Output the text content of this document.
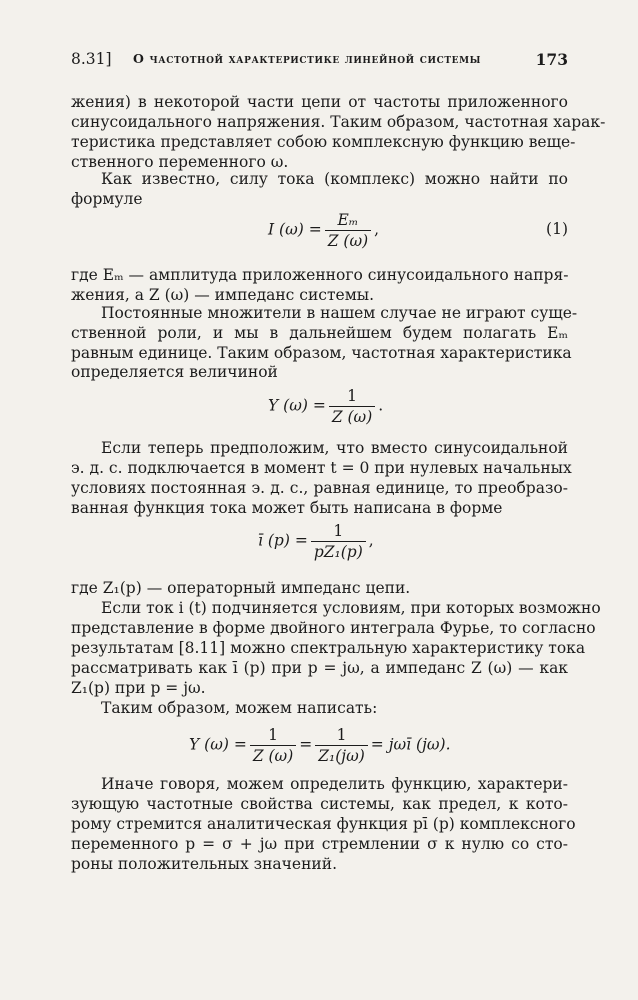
8.31] О частотной характеристике линейной системы	173
жения) в некоторой части цепи от частоты приложенного
синусоидального напряжения. Таким образом, частотная харак-
теристика представляет собою комплексную функцию веще-
ственного переменного ω.
Как известно, силу тока (комплекс) можно найти по
формуле
I $(\omega) = \frac{\text{Eₘ}}{Z (\omega)}$ ,	(1)
где Eₘ — амплитуда приложенного синусоидального напря-
жения, а Z (ω) — импеданс системы.
Постоянные множители в нашем случае не играют суще-
ственной роли, и мы в дальнейшем будем полагать Eₘ
равным единице. Таким образом, частотная характеристика
определяется величиной
Y $(\omega) = \frac{1}{Z (\omega)}$ .
Если теперь предположим, что вместо синусоидальной
э. д. с. подключается в момент t = 0 при нулевых начальных
условиях постоянная э. д. с., равная единице, то преобразо-
ванная функция тока может быть написана в форме
ī $(p) = \frac{1}{\text{pZ₁(p)}}$ ,
где Z₁(p) — операторный импеданс цепи.
Если ток i (t) подчиняется условиям, при которых возможно
представление в форме двойного интеграла Фурье, то согласно
результатам [8.11] можно спектральную характеристику тока
рассматривать как ī (p) при p = jω, а импеданс Z (ω) — как
Z₁(p) при p = jω.
Таким образом, можем написать:
Y $(\omega) = \frac{1}{Z (\omega)} = \frac{1}{\text{Z₁(jω)}}$ = jωī (jω).
Иначе говоря, можем определить функцию, характери-
зующую частотные свойства системы, как предел, к кото-
рому стремится аналитическая функция pī (p) комплексного
переменного p = σ + jω при стремлении σ к нулю со сто-
роны положительных значений.
